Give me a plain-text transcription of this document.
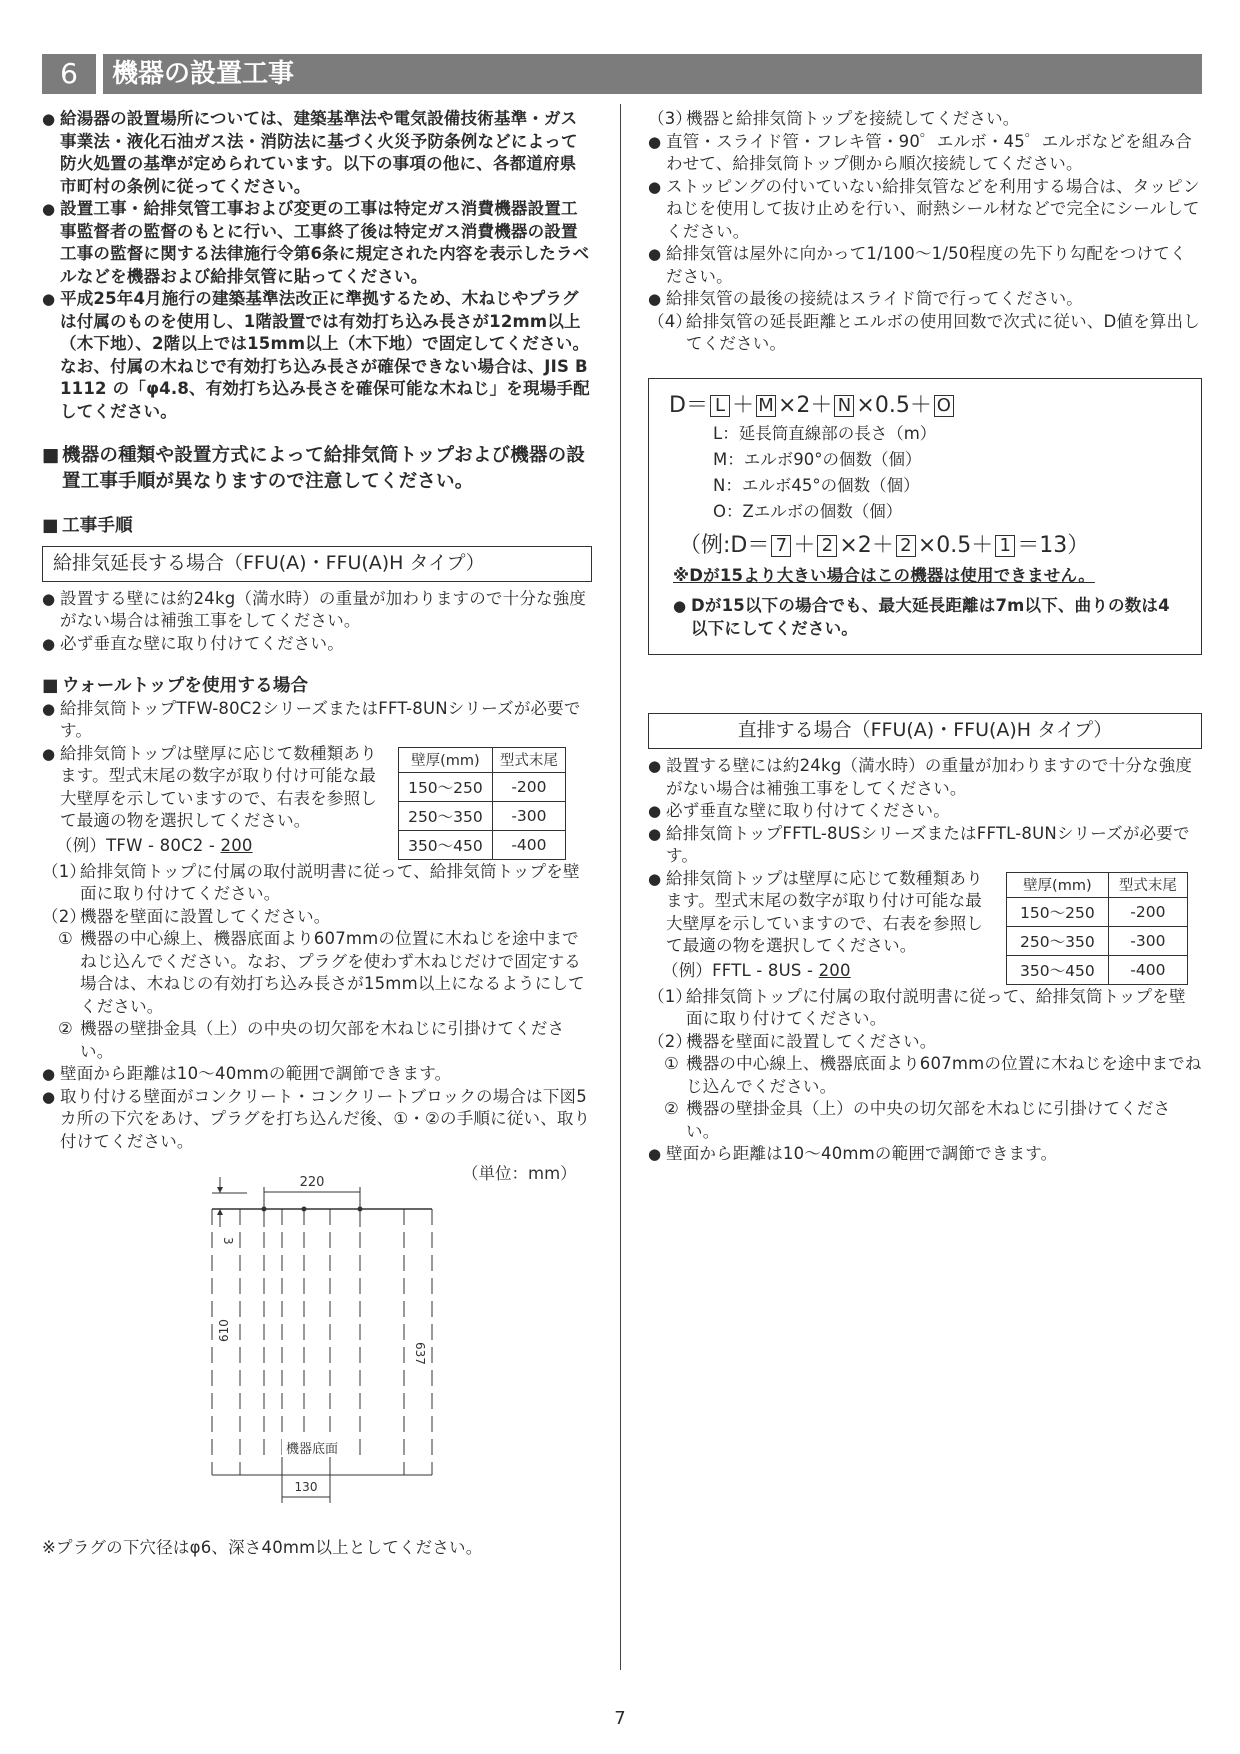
6	機器の設置工事
● 給湯器の設置場所については、建築基準法や電気設備技術基準・ガス事業法・液化石油ガス法・消防法に基づく火災予防条例などによって防火処置の基準が定められています。以下の事項の他に、各都道府県市町村の条例に従ってください。
● 設置工事・給排気管工事および変更の工事は特定ガス消費機器設置工事監督者の監督のもとに行い、工事終了後は特定ガス消費機器の設置工事の監督に関する法律施行令第6条に規定された内容を表示したラベルなどを機器および給排気管に貼ってください。
● 平成25年4月施行の建築基準法改正に準拠するため、木ねじやプラグは付属のものを使用し、1階設置では有効打ち込み長さが12mm以上（木下地）、2階以上では15mm以上（木下地）で固定してください。なお、付属の木ねじで有効打ち込み長さが確保できない場合は、JIS B 1112 の「φ4.8、有効打ち込み長さを確保可能な木ねじ」を現場手配してください。
■ 機器の種類や設置方式によって給排気筒トップおよび機器の設置工事手順が異なりますので注意してください。
■ 工事手順
給排気延長する場合（FFU(A)・FFU(A)H タイプ）
● 設置する壁には約24kg（満水時）の重量が加わりますので十分な強度がない場合は補強工事をしてください。
● 必ず垂直な壁に取り付けてください。
■ ウォールトップを使用する場合
● 給排気筒トップTFW-80C2シリーズまたはFFT-8UNシリーズが必要です。
● 給排気筒トップは壁厚に応じて数種類あります。型式末尾の数字が取り付け可能な最大壁厚を示していますので、右表を参照して最適の物を選択してください。
（例）TFW - 80C2 - 200
壁厚(mm)	型式末尾
150～250	-200
250～350	-300
350～450	-400
（1）
給排気筒トップに付属の取付説明書に従って、給排気筒トップを壁面に取り付けてください。
（2）
機器を壁面に設置してください。
① 機器の中心線上、機器底面より607mmの位置に木ねじを途中までねじ込んでください。なお、プラグを使わず木ねじだけで固定する場合は、木ねじの有効打ち込み長さが15mm以上になるようにしてください。
② 機器の壁掛金具（上）の中央の切欠部を木ねじに引掛けてください。
● 壁面から距離は10～40mmの範囲で調節できます。
● 取り付ける壁面がコンクリート・コンクリートブロックの場合は下図5カ所の下穴をあけ、プラグを打ち込んだ後、①・②の手順に従い、取り付けてください。
（単位：mm）
220
3
610
637
機器底面
130
※プラグの下穴径はφ6、深さ40mm以上としてください。
（3）
機器と給排気筒トップを接続してください。
● 直管・スライド管・フレキ管・90゜エルボ・45゜エルボなどを組み合わせて、給排気筒トップ側から順次接続してください。
● ストッピングの付いていない給排気管などを利用する場合は、タッピンねじを使用して抜け止めを行い、耐熱シール材などで完全にシールしてください。
● 給排気管は屋外に向かって1/100～1/50程度の先下り勾配をつけてください。
● 給排気管の最後の接続はスライド筒で行ってください。
（4）
給排気管の延長距離とエルボの使用回数で次式に従い、D値を算出してください。
D＝ L ＋ M ×2＋ N ×0.5＋ O
L：延長筒直線部の長さ（m）
M：エルボ90°の個数（個）
N：エルボ45°の個数（個）
O：Zエルボの個数（個）
（例:D＝ 7 ＋ 2 ×2＋ 2 ×0.5＋ 1 ＝13）
※Dが15より大きい場合はこの機器は使用できません。
● Dが15以下の場合でも、最大延長距離は7m以下、曲りの数は4以下にしてください。
直排する場合（FFU(A)・FFU(A)H タイプ）
● 設置する壁には約24kg（満水時）の重量が加わりますので十分な強度がない場合は補強工事をしてください。
● 必ず垂直な壁に取り付けてください。
● 給排気筒トップFFTL-8USシリーズまたはFFTL-8UNシリーズが必要です。
● 給排気筒トップは壁厚に応じて数種類あります。型式末尾の数字が取り付け可能な最大壁厚を示していますので、右表を参照して最適の物を選択してください。
（例）FFTL - 8US - 200
壁厚(mm)	型式末尾
150～250	-200
250～350	-300
350～450	-400
（1）
給排気筒トップに付属の取付説明書に従って、給排気筒トップを壁面に取り付けてください。
（2）
機器を壁面に設置してください。
① 機器の中心線上、機器底面より607mmの位置に木ねじを途中までねじ込んでください。
② 機器の壁掛金具（上）の中央の切欠部を木ねじに引掛けてください。
● 壁面から距離は10～40mmの範囲で調節できます。
7
